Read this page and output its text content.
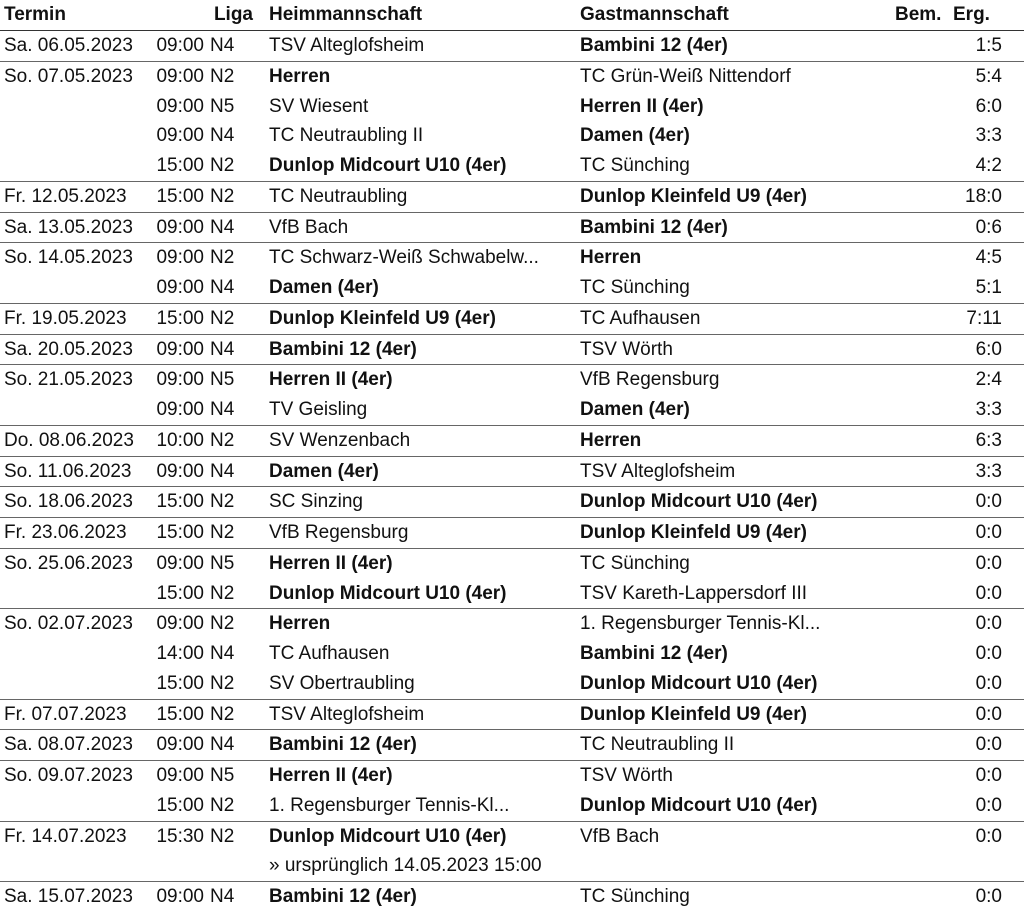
Termin	Liga Heimmannschaft	Gastmannschaft	Bem. Erg.
Sa. 06.05.2023	09:00 N4	TSV Alteglofsheim	Bambini 12 (4er)	1:5
So. 07.05.2023	09:00 N2	Herren	TC Grün-Weiß Nittendorf	5:4
09:00 N5	SV Wiesent	Herren II (4er)	6:0
09:00 N4	TC Neutraubling II	Damen (4er)	3:3
15:00 N2	Dunlop Midcourt U10 (4er)	TC Sünching	4:2
Fr. 12.05.2023	15:00 N2	TC Neutraubling	Dunlop Kleinfeld U9 (4er)	18:0
Sa. 13.05.2023	09:00 N4	VfB Bach	Bambini 12 (4er)	0:6
So. 14.05.2023	09:00 N2	TC Schwarz-Weiß Schwabelw...	Herren	4:5
09:00 N4	Damen (4er)	TC Sünching	5:1
Fr. 19.05.2023	15:00 N2	Dunlop Kleinfeld U9 (4er)	TC Aufhausen	7:11
Sa. 20.05.2023	09:00 N4	Bambini 12 (4er)	TSV Wörth	6:0
So. 21.05.2023	09:00 N5	Herren II (4er)	VfB Regensburg	2:4
09:00 N4	TV Geisling	Damen (4er)	3:3
Do. 08.06.2023	10:00 N2	SV Wenzenbach	Herren	6:3
So. 11.06.2023	09:00 N4	Damen (4er)	TSV Alteglofsheim	3:3
So. 18.06.2023	15:00 N2	SC Sinzing	Dunlop Midcourt U10 (4er)	0:0
Fr. 23.06.2023	15:00 N2	VfB Regensburg	Dunlop Kleinfeld U9 (4er)	0:0
So. 25.06.2023	09:00 N5	Herren II (4er)	TC Sünching	0:0
15:00 N2	Dunlop Midcourt U10 (4er)	TSV Kareth-Lappersdorf III	0:0
So. 02.07.2023	09:00 N2	Herren	1. Regensburger Tennis-Kl...	0:0
14:00 N4	TC Aufhausen	Bambini 12 (4er)	0:0
15:00 N2	SV Obertraubling	Dunlop Midcourt U10 (4er)	0:0
Fr. 07.07.2023	15:00 N2	TSV Alteglofsheim	Dunlop Kleinfeld U9 (4er)	0:0
Sa. 08.07.2023	09:00 N4	Bambini 12 (4er)	TC Neutraubling II	0:0
So. 09.07.2023	09:00 N5	Herren II (4er)	TSV Wörth	0:0
15:00 N2	1. Regensburger Tennis-Kl...	Dunlop Midcourt U10 (4er)	0:0
Fr. 14.07.2023	15:30 N2	Dunlop Midcourt U10 (4er)	VfB Bach	0:0
» ursprünglich 14.05.2023 15:00
Sa. 15.07.2023	09:00 N4	Bambini 12 (4er)	TC Sünching	0:0
